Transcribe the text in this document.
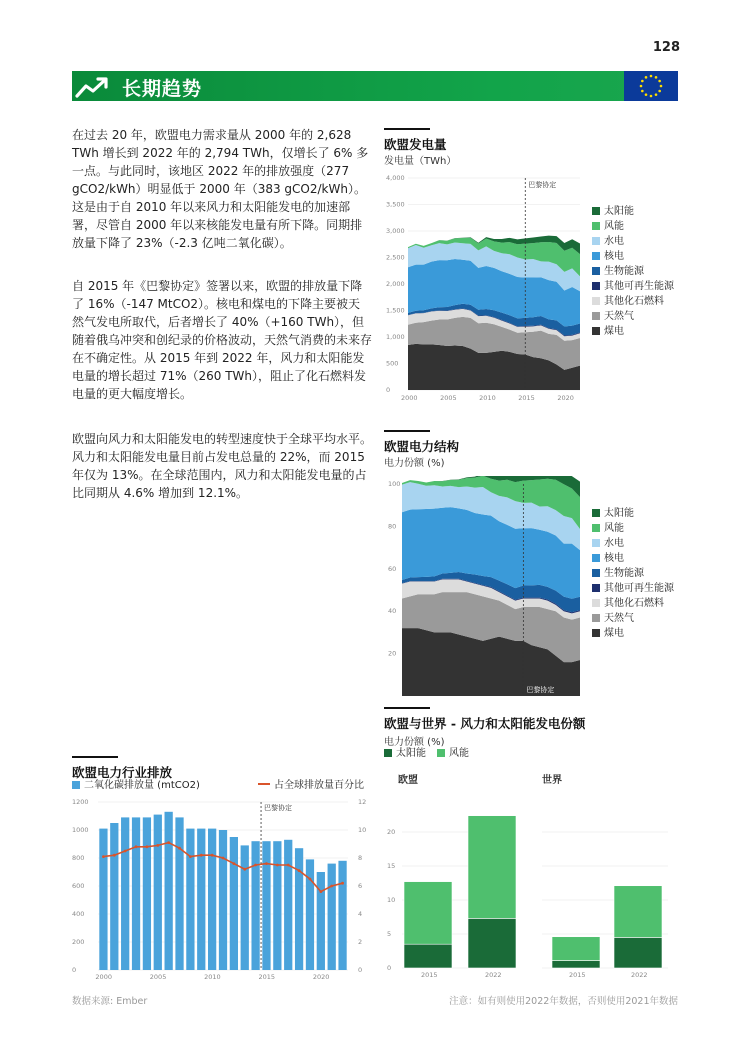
128
长期趋势
在过去 20 年，欧盟电力需求量从 2000 年的 2,628 TWh 增长到 2022 年的 2,794 TWh，仅增长了 6% 多一点。与此同时，该地区 2022 年的排放强度（277 gCO2/kWh）明显低于 2000 年（383 gCO2/kWh）。这是由于自 2010 年以来风力和太阳能发电的加速部署，尽管自 2000 年以来核能发电量有所下降。同期排放量下降了 23%（-2.3 亿吨二氧化碳）。
自 2015 年《巴黎协定》签署以来，欧盟的排放量下降了 16%（-147 MtCO2）。核电和煤电的下降主要被天然气发电所取代，后者增长了 40%（+160 TWh），但随着俄乌冲突和创纪录的价格波动，天然气消费的未来存在不确定性。从 2015 年到 2022 年，风力和太阳能发电量的增长超过 71%（260 TWh），阻止了化石燃料发电量的更大幅度增长。
欧盟向风力和太阳能发电的转型速度快于全球平均水平。风力和太阳能发电量目前占发电总量的 22%，而 2015 年仅为 13%。在全球范围内，风力和太阳能发电量的占比同期从 4.6% 增加到 12.1%。
欧盟发电量
发电量（TWh）
0
500
1,000
1,500
2,000
2,500
3,000
3,500
4,000
巴黎协定
2000	2005	2010	2015	2020
太阳能
风能
水电
核电
生物能源
其他可再生能源
其他化石燃料
天然气
煤电
欧盟电力结构
电力份额 (%)
20
40
60
80
100
巴黎协定
太阳能
风能
水电
核电
生物能源
其他可再生能源
其他化石燃料
天然气
煤电
欧盟与世界 - 风力和太阳能发电份额
电力份额 (%)
太阳能	风能
欧盟	世界
0
5
10
15
20
2015	2022	2015	2022
欧盟电力行业排放
二氧化碳排放量 (mtCO2)	占全球排放量百分比
0
200
400
600
800
1000
1200
0
2
4
6
8
10
12
巴黎协定
2000	2005	2010	2015	2020
数据来源: Ember	注意：如有则使用2022年数据，否则使用2021年数据
